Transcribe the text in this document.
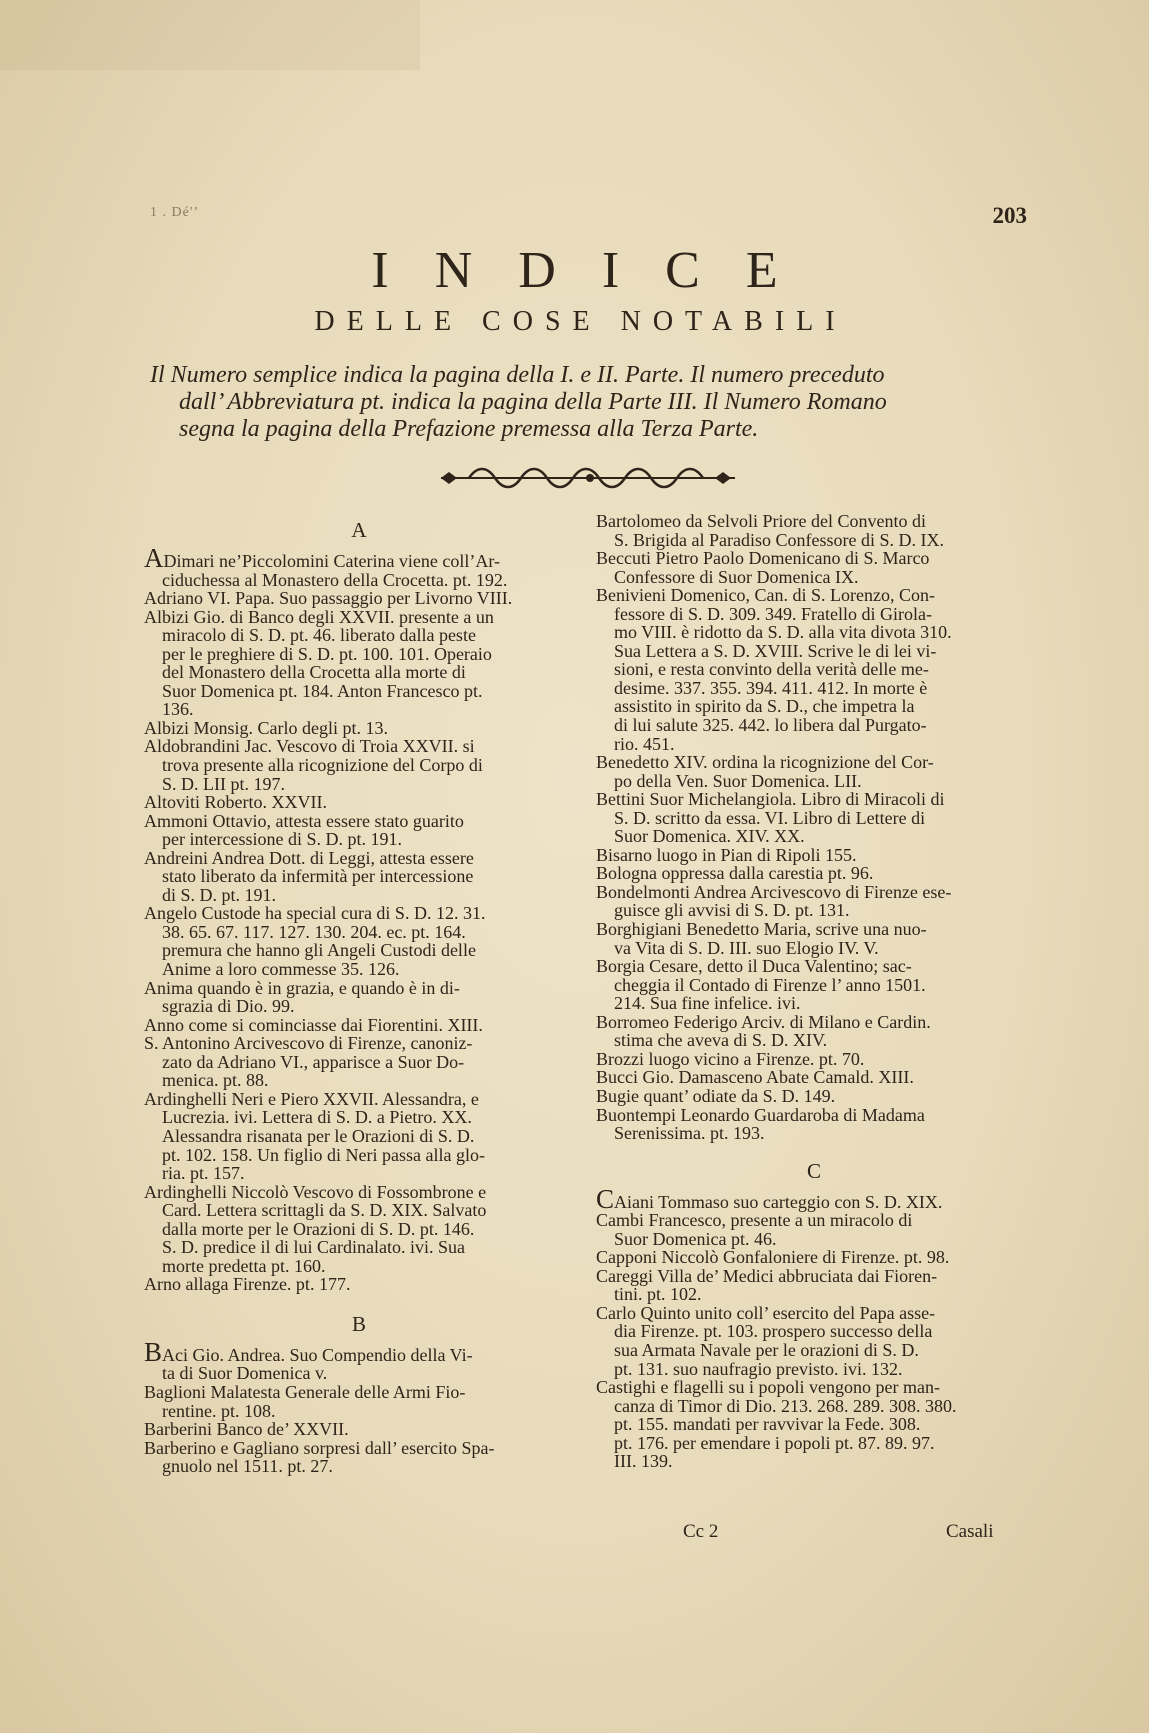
1 . Dé'’	203
INDICE
DELLE COSE NOTABILI
Il Numero semplice indica la pagina della I. e II. Parte. Il numero preceduto
dall’ Abbreviatura pt. indica la pagina della Parte III. Il Numero Romano
segna la pagina della Prefazione premessa alla Terza Parte.
A
ADimari ne’Piccolomini Caterina viene coll’Ar-
ciduchessa al Monastero della Crocetta. pt. 192.
Adriano VI. Papa. Suo passaggio per Livorno VIII.
Albizi Gio. di Banco degli XXVII. presente a un
miracolo di S. D. pt. 46. liberato dalla peste
per le preghiere di S. D. pt. 100. 101. Operaio
del Monastero della Crocetta alla morte di
Suor Domenica pt. 184. Anton Francesco pt.
136.
Albizi Monsig. Carlo degli pt. 13.
Aldobrandini Jac. Vescovo di Troia XXVII. si
trova presente alla ricognizione del Corpo di
S. D. LII pt. 197.
Altoviti Roberto. XXVII.
Ammoni Ottavio, attesta essere stato guarito
per intercessione di S. D. pt. 191.
Andreini Andrea Dott. di Leggi, attesta essere
stato liberato da infermità per intercessione
di S. D. pt. 191.
Angelo Custode ha special cura di S. D. 12. 31.
38. 65. 67. 117. 127. 130. 204. ec. pt. 164.
premura che hanno gli Angeli Custodi delle
Anime a loro commesse 35. 126.
Anima quando è in grazia, e quando è in di-
sgrazia di Dio. 99.
Anno come si cominciasse dai Fiorentini. XIII.
S. Antonino Arcivescovo di Firenze, canoniz-
zato da Adriano VI., apparisce a Suor Do-
menica. pt. 88.
Ardinghelli Neri e Piero XXVII. Alessandra, e
Lucrezia. ivi. Lettera di S. D. a Pietro. XX.
Alessandra risanata per le Orazioni di S. D.
pt. 102. 158. Un figlio di Neri passa alla glo-
ria. pt. 157.
Ardinghelli Niccolò Vescovo di Fossombrone e
Card. Lettera scrittagli da S. D. XIX. Salvato
dalla morte per le Orazioni di S. D. pt. 146.
S. D. predice il di lui Cardinalato. ivi. Sua
morte predetta pt. 160.
Arno allaga Firenze. pt. 177.
B
BAci Gio. Andrea. Suo Compendio della Vi-
ta di Suor Domenica v.
Baglioni Malatesta Generale delle Armi Fio-
rentine. pt. 108.
Barberini Banco de’ XXVII.
Barberino e Gagliano sorpresi dall’ esercito Spa-
gnuolo nel 1511. pt. 27.
Bartolomeo da Selvoli Priore del Convento di
S. Brigida al Paradiso Confessore di S. D. IX.
Beccuti Pietro Paolo Domenicano di S. Marco
Confessore di Suor Domenica IX.
Benivieni Domenico, Can. di S. Lorenzo, Con-
fessore di S. D. 309. 349. Fratello di Girola-
mo VIII. è ridotto da S. D. alla vita divota 310.
Sua Lettera a S. D. XVIII. Scrive le di lei vi-
sioni, e resta convinto della verità delle me-
desime. 337. 355. 394. 411. 412. In morte è
assistito in spirito da S. D., che impetra la
di lui salute 325. 442. lo libera dal Purgato-
rio. 451.
Benedetto XIV. ordina la ricognizione del Cor-
po della Ven. Suor Domenica. LII.
Bettini Suor Michelangiola. Libro di Miracoli di
S. D. scritto da essa. VI. Libro di Lettere di
Suor Domenica. XIV. XX.
Bisarno luogo in Pian di Ripoli 155.
Bologna oppressa dalla carestia pt. 96.
Bondelmonti Andrea Arcivescovo di Firenze ese-
guisce gli avvisi di S. D. pt. 131.
Borghigiani Benedetto Maria, scrive una nuo-
va Vita di S. D. III. suo Elogio IV. V.
Borgia Cesare, detto il Duca Valentino; sac-
cheggia il Contado di Firenze l’ anno 1501.
214. Sua fine infelice. ivi.
Borromeo Federigo Arciv. di Milano e Cardin.
stima che aveva di S. D. XIV.
Brozzi luogo vicino a Firenze. pt. 70.
Bucci Gio. Damasceno Abate Camald. XIII.
Bugie quant’ odiate da S. D. 149.
Buontempi Leonardo Guardaroba di Madama
Serenissima. pt. 193.
C
CAiani Tommaso suo carteggio con S. D. XIX.
Cambi Francesco, presente a un miracolo di
Suor Domenica pt. 46.
Capponi Niccolò Gonfaloniere di Firenze. pt. 98.
Careggi Villa de’ Medici abbruciata dai Fioren-
tini. pt. 102.
Carlo Quinto unito coll’ esercito del Papa asse-
dia Firenze. pt. 103. prospero successo della
sua Armata Navale per le orazioni di S. D.
pt. 131. suo naufragio previsto. ivi. 132.
Castighi e flagelli su i popoli vengono per man-
canza di Timor di Dio. 213. 268. 289. 308. 380.
pt. 155. mandati per ravvivar la Fede. 308.
pt. 176. per emendare i popoli pt. 87. 89. 97.
III. 139.
Cc 2	Casali
